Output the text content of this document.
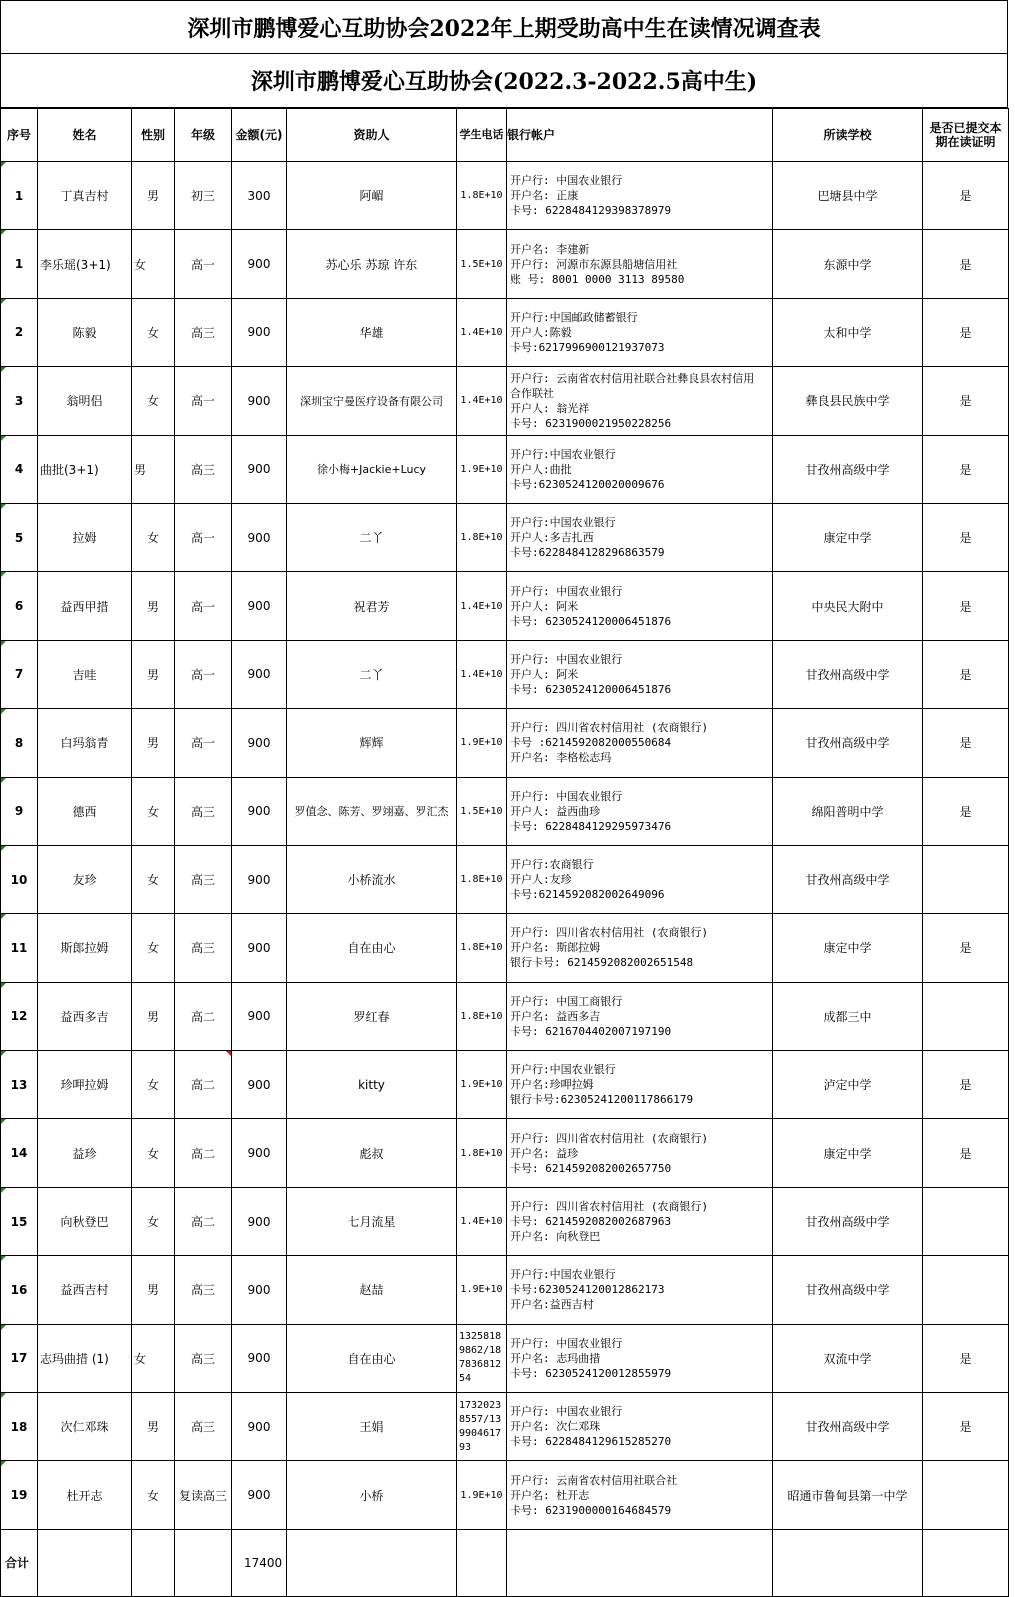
深圳市鹏博爱心互助协会2022年上期受助高中生在读情况调查表
深圳市鹏博爱心互助协会(2022.3-2022.5高中生)
序号	姓名	性别	年级	金额(元)	资助人	学生电话	银行帐户	所读学校	是否已提交本期在读证明
1	丁真吉村	男	初三	300	阿嵋	1.8E+10	开户行: 中国农业银行
开户名: 正康
卡号: 6228484129398378979	巴塘县中学	是
1	李乐瑶(3+1)	女	高一	900	苏心乐 苏琼 许东	1.5E+10	开户名: 李建新
开户行: 河源市东源县船塘信用社
账 号: 8001 0000 3113 89580	东源中学	是
2	陈毅	女	高三	900	华雄	1.4E+10	开户行:中国邮政储蓄银行
开户人:陈毅
卡号:6217996900121937073	太和中学	是
3	翁明侣	女	高一	900	深圳宝宁曼医疗设备有限公司	1.4E+10	开户行: 云南省农村信用社联合社彝良县农村信用
合作联社
开户人: 翁光祥
卡号: 6231900021950228256	彝良县民族中学	是
4	曲批(3+1)	男	高三	900	徐小梅+Jackie+Lucy	1.9E+10	开户行:中国农业银行
开户人:曲批
卡号:6230524120020009676	甘孜州高级中学	是
5	拉姆	女	高一	900	二丫	1.8E+10	开户行:中国农业银行
开户人:多吉扎西
卡号:6228484128296863579	康定中学	是
6	益西甲措	男	高一	900	祝君芳	1.4E+10	开户行: 中国农业银行
开户人: 阿米
卡号: 6230524120006451876	中央民大附中	是
7	吉哇	男	高一	900	二丫	1.4E+10	开户行: 中国农业银行
开户人: 阿米
卡号: 6230524120006451876	甘孜州高级中学	是
8	白玛翁青	男	高一	900	辉辉	1.9E+10	开户行: 四川省农村信用社 (农商银行)
卡号 :6214592082000550684
开户名: 李格松志玛	甘孜州高级中学	是
9	德西	女	高三	900	罗值念、陈芳、罗翊嘉、罗汇杰	1.5E+10	开户行: 中国农业银行
开户人: 益西曲珍
卡号: 6228484129295973476	绵阳普明中学	是
10	友珍	女	高三	900	小桥流水	1.8E+10	开户行:农商银行
开户人:友珍
卡号:6214592082002649096	甘孜州高级中学	
11	斯郎拉姆	女	高三	900	自在由心	1.8E+10	开户行: 四川省农村信用社 (农商银行)
开户名: 斯郎拉姆
银行卡号: 6214592082002651548	康定中学	是
12	益西多吉	男	高二	900	罗红春	1.8E+10	开户行: 中国工商银行
开户名: 益西多吉
卡号: 6216704402007197190	成都三中	
13	珍呷拉姆	女	高二	900	kitty	1.9E+10	开户行:中国农业银行
开户名:珍呷拉姆
银行卡号:6230524120011786617​9	泸定中学	是
14	益珍	女	高二	900	彪叔	1.8E+10	开户行: 四川省农村信用社 (农商银行)
开户名: 益珍
卡号: 6214592082002657750	康定中学	是
15	向秋登巴	女	高二	900	七月流星	1.4E+10	开户行: 四川省农村信用社 (农商银行)
卡号: 6214592082002687963
开户名: 向秋登巴	甘孜州高级中学	
16	益西吉村	男	高三	900	赵喆	1.9E+10	开户行:中国农业银行
卡号:6230524120012862173
开户名:益西吉村	甘孜州高级中学	
17	志玛曲措 (1)	女	高三	900	自在由心	13258189862/1878368125​4	开户行: 中国农业银行
开户名: 志玛曲措
卡号: 6230524120012855979	双流中学	是
18	次仁邓珠	男	高三	900	王娟	17320238557/1399046179​3	开户行: 中国农业银行
开户名: 次仁邓珠
卡号: 6228484129615285270	甘孜州高级中学	是
19	杜开志	女	复读高三	900	小桥	1.9E+10	开户行: 云南省农村信用社联合社
开户名: 杜开志
卡号: 6231900000164684579	昭通市鲁甸县第一中学	
合计				17400					
